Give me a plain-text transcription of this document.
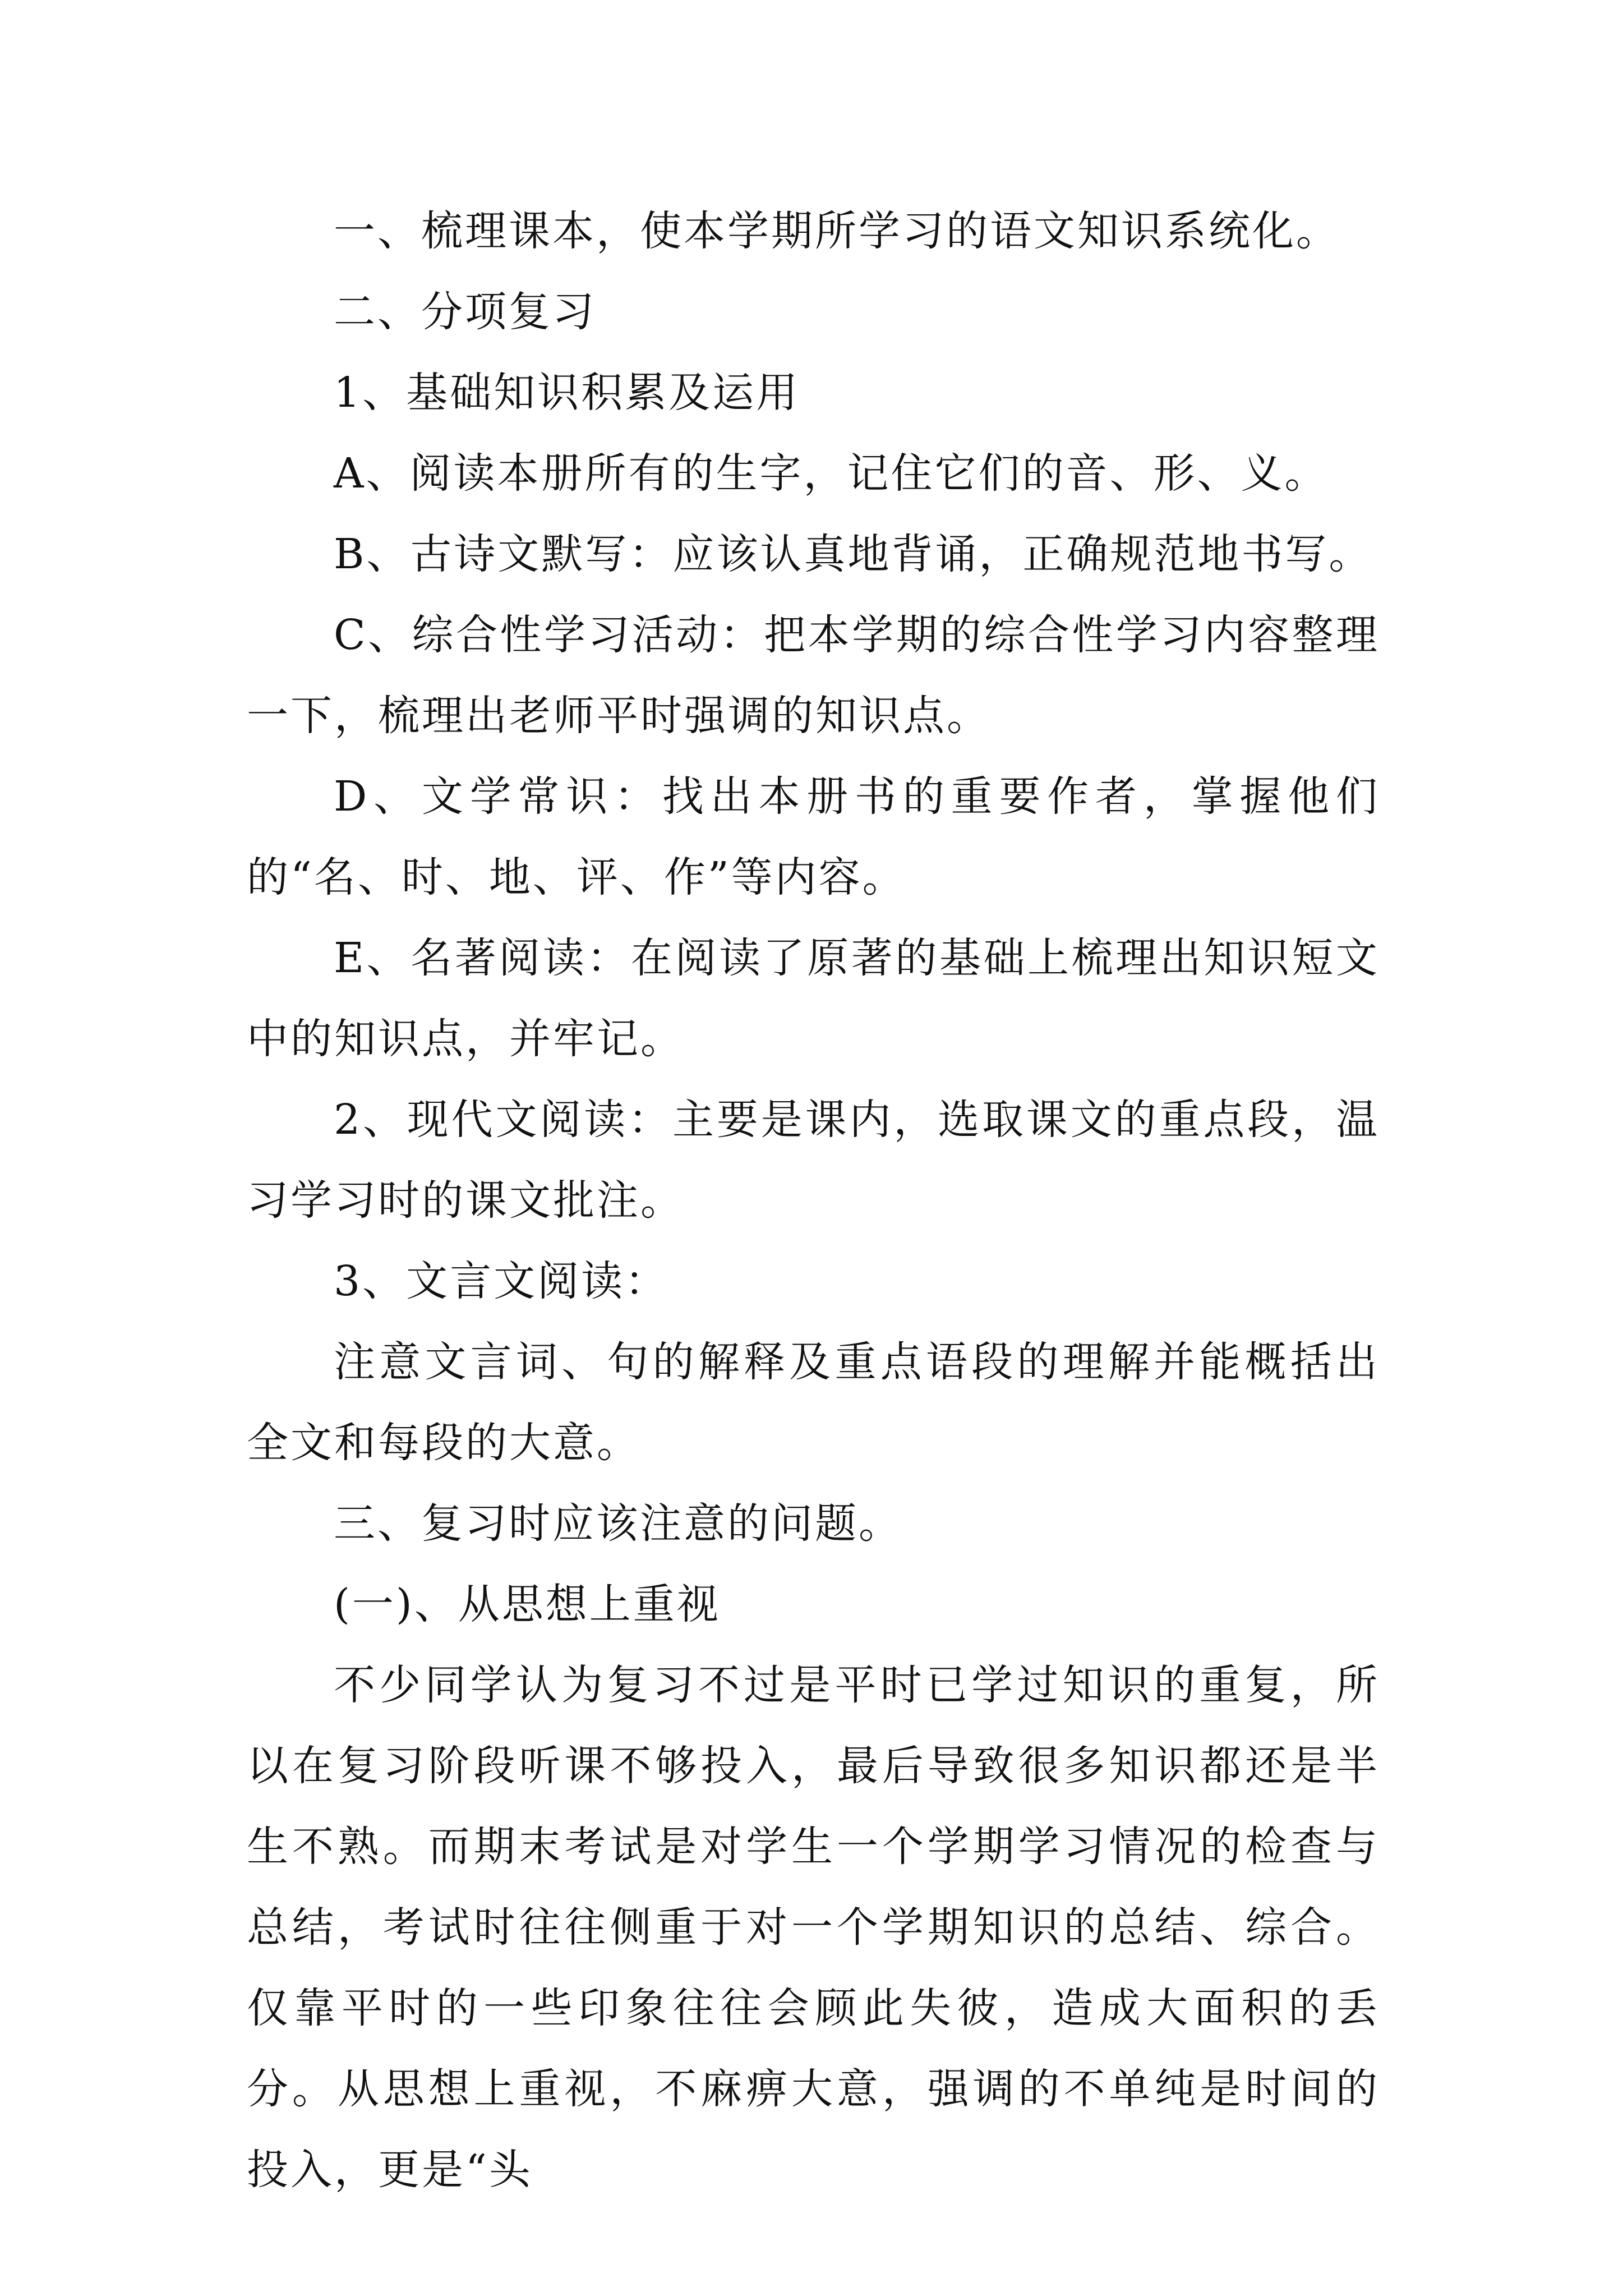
一、梳理课本，使本学期所学习的语文知识系统化。

二、分项复习

1、基础知识积累及运用

A、阅读本册所有的生字，记住它们的音、形、义。

B、古诗文默写：应该认真地背诵，正确规范地书写。

C、综合性学习活动：把本学期的综合性学习内容整理一下，梳理出老师平时强调的知识点。

D、文学常识：找出本册书的重要作者，掌握他们的“名、时、地、评、作”等内容。

E、名著阅读：在阅读了原著的基础上梳理出知识短文中的知识点，并牢记。

2、现代文阅读：主要是课内，选取课文的重点段，温习学习时的课文批注。

3、文言文阅读：

注意文言词、句的解释及重点语段的理解并能概括出全文和每段的大意。

三、复习时应该注意的问题。

(一)、从思想上重视

不少同学认为复习不过是平时已学过知识的重复，所以在复习阶段听课不够投入，最后导致很多知识都还是半生不熟。而期末考试是对学生一个学期学习情况的检查与总结，考试时往往侧重于对一个学期知识的总结、综合。仅靠平时的一些印象往往会顾此失彼，造成大面积的丢分。从思想上重视，不麻痹大意，强调的不单纯是时间的投入，更是“头
